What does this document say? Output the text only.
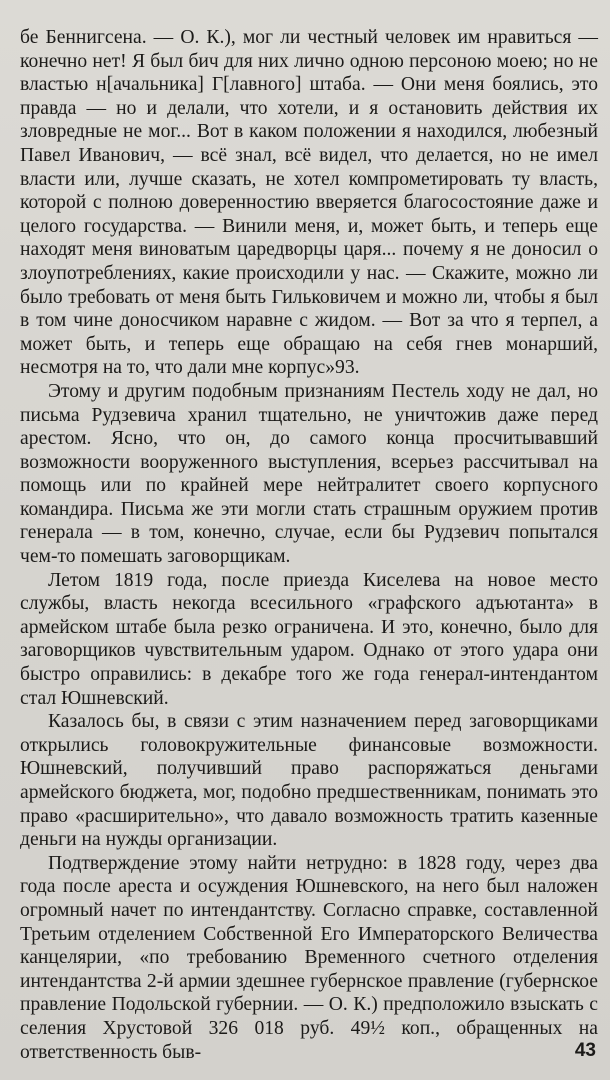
бе Беннигсена. — О. К.), мог ли честный человек им нравиться — конечно нет! Я был бич для них лично одною персоною моею; но не властью н[ачальника] Г[лавного] штаба. — Они меня боялись, это правда — но и делали, что хотели, и я остановить действия их зловредные не мог... Вот в каком положении я находился, любезный Павел Иванович, — всё знал, всё видел, что делается, но не имел власти или, лучше сказать, не хотел компрометировать ту власть, которой с полною доверенностию вверяется благосостояние даже и целого государства. — Винили меня, и, может быть, и теперь еще находят меня виноватым царедворцы царя... почему я не доносил о злоупотреблениях, какие происходили у нас. — Скажите, можно ли было требовать от меня быть Гильковичем и можно ли, чтобы я был в том чине доносчиком наравне с жидом. — Вот за что я терпел, а может быть, и теперь еще обращаю на себя гнев монарший, несмотря на то, что дали мне корпус»93.

Этому и другим подобным признаниям Пестель ходу не дал, но письма Рудзевича хранил тщательно, не уничтожив даже перед арестом. Ясно, что он, до самого конца просчитывавший возможности вооруженного выступления, всерьез рассчитывал на помощь или по крайней мере нейтралитет своего корпусного командира. Письма же эти могли стать страшным оружием против генерала — в том, конечно, случае, если бы Рудзевич попытался чем-то помешать заговорщикам.

Летом 1819 года, после приезда Киселева на новое место службы, власть некогда всесильного «графского адъютанта» в армейском штабе была резко ограничена. И это, конечно, было для заговорщиков чувствительным ударом. Однако от этого удара они быстро оправились: в декабре того же года генерал-интендантом стал Юшневский.

Казалось бы, в связи с этим назначением перед заговорщиками открылись головокружительные финансовые возможности. Юшневский, получивший право распоряжаться деньгами армейского бюджета, мог, подобно предшественникам, понимать это право «расширительно», что давало возможность тратить казенные деньги на нужды организации.

Подтверждение этому найти нетрудно: в 1828 году, через два года после ареста и осуждения Юшневского, на него был наложен огромный начет по интендантству. Согласно справке, составленной Третьим отделением Собственной Его Императорского Величества канцелярии, «по требованию Временного счетного отделения интендантства 2-й армии здешнее губернское правление (губернское правление Подольской губернии. — О. К.) предположило взыскать с селения Хрустовой 326 018 руб. 49½ коп., обращенных на ответственность быв-	43
